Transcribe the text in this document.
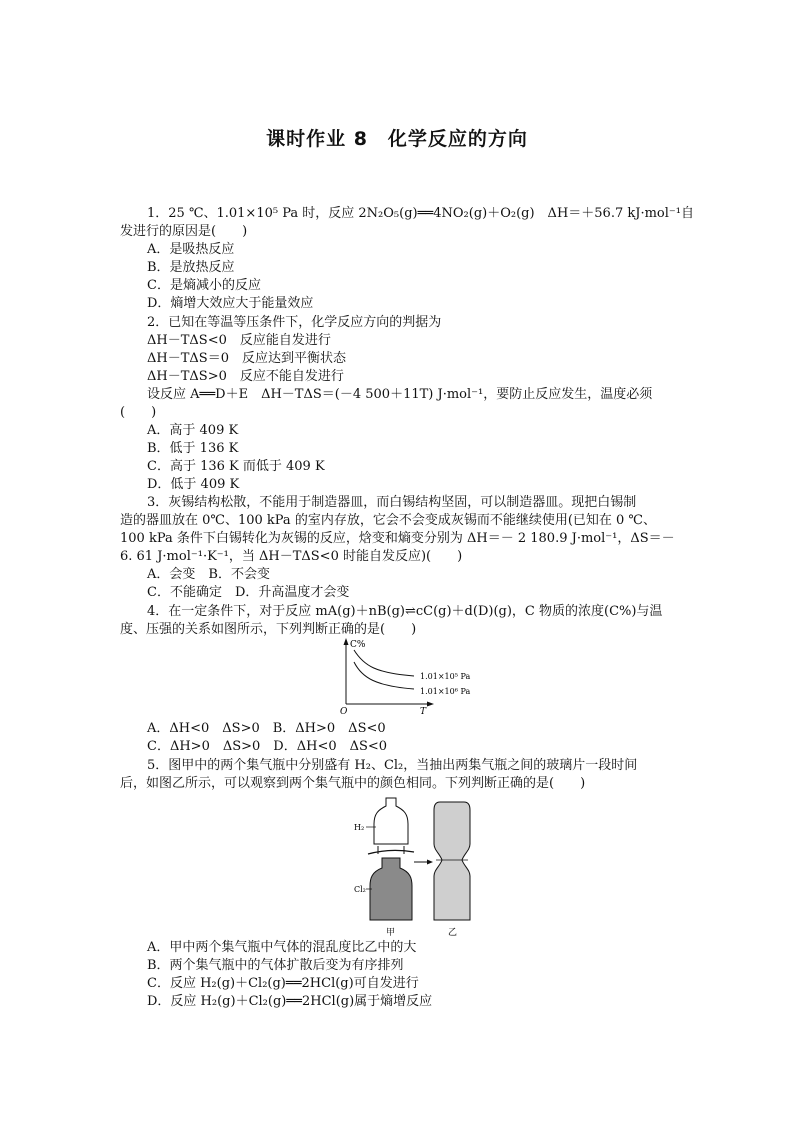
课时作业 8　化学反应的方向
1．25 ℃、1.01×10⁵ Pa 时，反应 2N₂O₅(g)══4NO₂(g)＋O₂(g)　ΔH＝＋56.7 kJ·mol⁻¹自
发进行的原因是(　　)
A．是吸热反应
B．是放热反应
C．是熵减小的反应
D．熵增大效应大于能量效应
2．已知在等温等压条件下，化学反应方向的判据为
ΔH－TΔS<0　反应能自发进行
ΔH－TΔS＝0　反应达到平衡状态
ΔH－TΔS>0　反应不能自发进行
设反应 A══D＋E　ΔH－TΔS＝(－4 500＋11T) J·mol⁻¹，要防止反应发生，温度必须
(　　)
A．高于 409 K
B．低于 136 K
C．高于 136 K 而低于 409 K
D．低于 409 K
3．灰锡结构松散，不能用于制造器皿，而白锡结构坚固，可以制造器皿。现把白锡制
造的器皿放在 0℃、100 kPa 的室内存放，它会不会变成灰锡而不能继续使用(已知在 0 ℃、
100 kPa 条件下白锡转化为灰锡的反应，焓变和熵变分别为 ΔH＝－ 2 180.9 J·mol⁻¹，ΔS＝－
6. 61 J·mol⁻¹·K⁻¹，当 ΔH－TΔS<0 时能自发反应)(　　)
A．会变　B．不会变
C．不能确定　D．升高温度才会变
4．在一定条件下，对于反应 mA(g)＋nB(g)⇌cC(g)＋d(D)(g)，C 物质的浓度(C%)与温
度、压强的关系如图所示，下列判断正确的是(　　)
C%
O	T
1.01×10⁵ Pa
1.01×10⁶ Pa
A．ΔH<0　ΔS>0　B．ΔH>0　ΔS<0
C．ΔH>0　ΔS>0　D．ΔH<0　ΔS<0
5．图甲中的两个集气瓶中分别盛有 H₂、Cl₂，当抽出两集气瓶之间的玻璃片一段时间
后，如图乙所示，可以观察到两个集气瓶中的颜色相同。下列判断正确的是(　　)
H₂
Cl₂
甲	乙
A．甲中两个集气瓶中气体的混乱度比乙中的大
B．两个集气瓶中的气体扩散后变为有序排列
C．反应 H₂(g)＋Cl₂(g)══2HCl(g)可自发进行
D．反应 H₂(g)＋Cl₂(g)══2HCl(g)属于熵增反应
